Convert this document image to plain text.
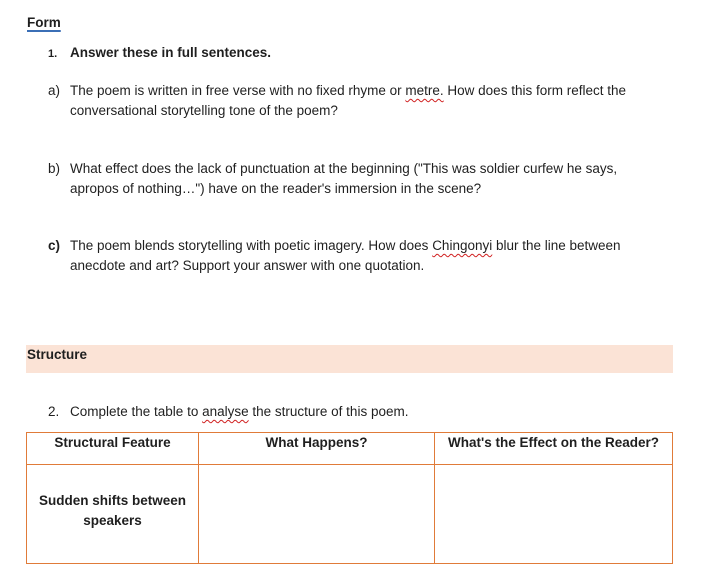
Form
1. Answer these in full sentences.
a) The poem is written in free verse with no fixed rhyme or metre. How does this form reflect the conversational storytelling tone of the poem?
b) What effect does the lack of punctuation at the beginning ("This was soldier curfew he says, apropos of nothing…") have on the reader's immersion in the scene?
c) The poem blends storytelling with poetic imagery. How does Chingonyi blur the line between anecdote and art? Support your answer with one quotation.
Structure
2. Complete the table to analyse the structure of this poem.
Structural Feature	What Happens?	What's the Effect on the Reader?
Sudden shifts between speakers		
